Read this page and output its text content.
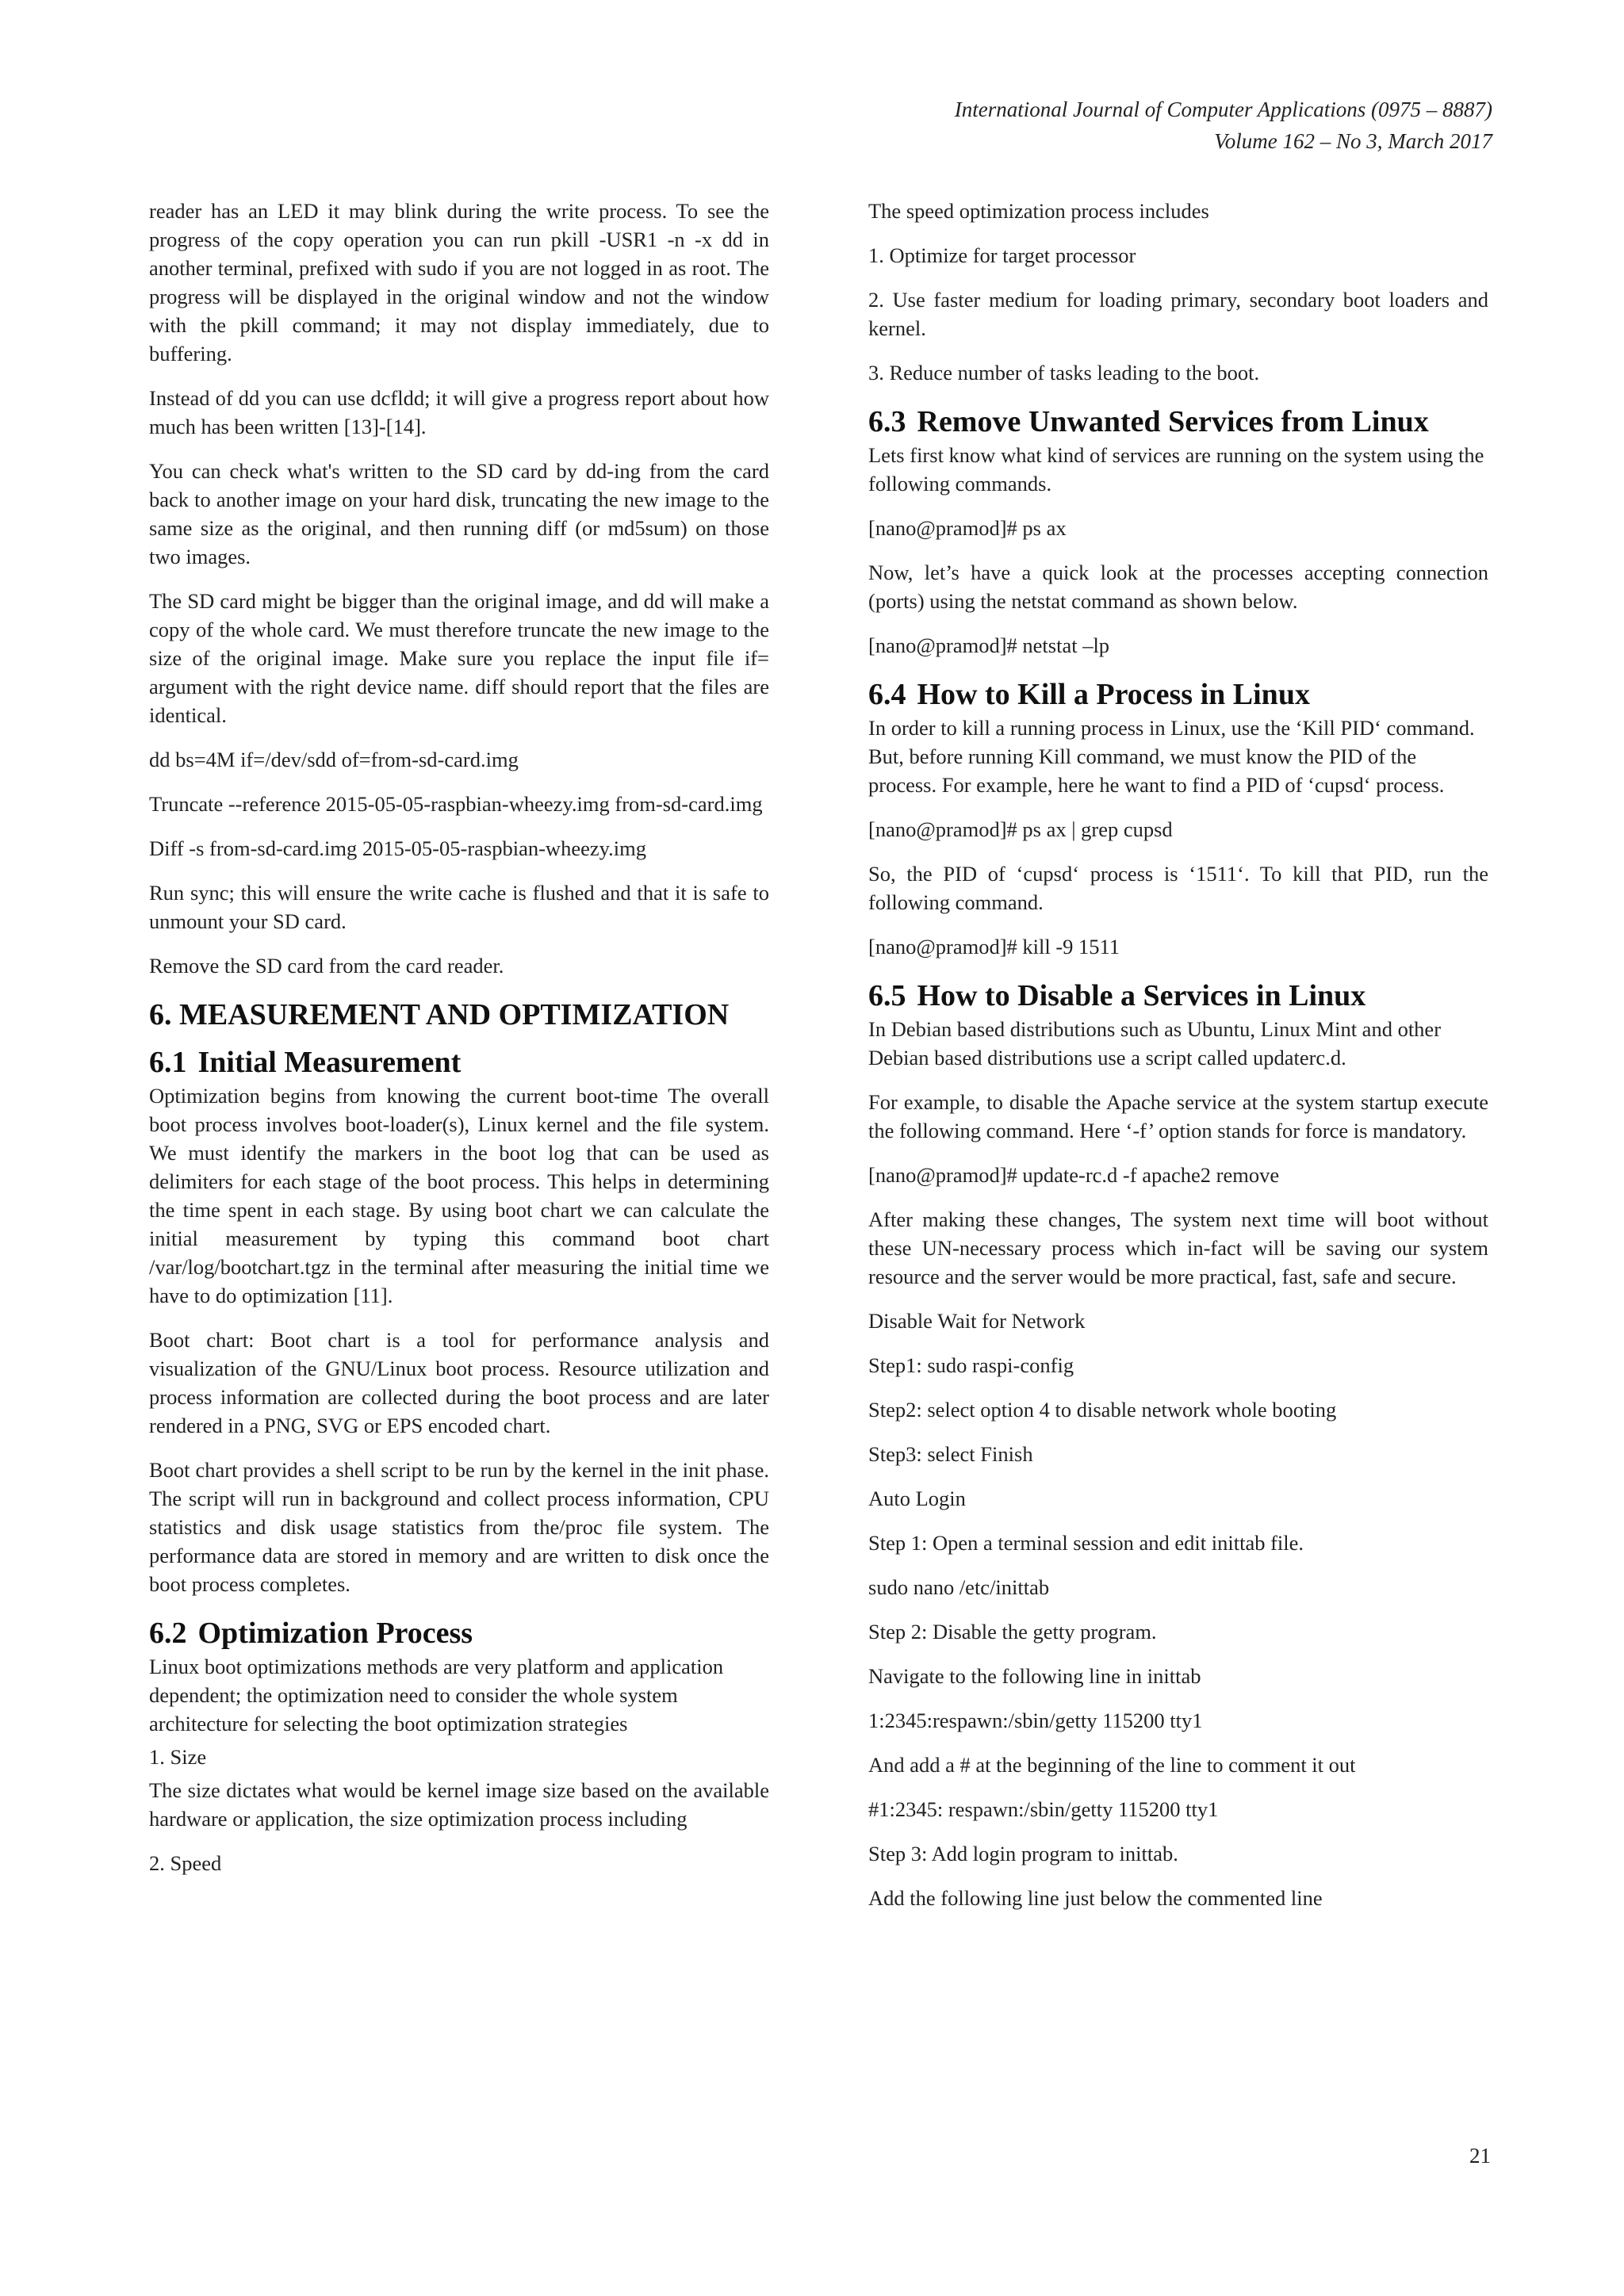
International Journal of Computer Applications (0975 – 8887)
Volume 162 – No 3, March 2017

reader has an LED it may blink during the write process. To see the progress of the copy operation you can run pkill -USR1 -n -x dd in another terminal, prefixed with sudo if you are not logged in as root. The progress will be displayed in the original window and not the window with the pkill command; it may not display immediately, due to buffering.

Instead of dd you can use dcfldd; it will give a progress report about how much has been written [13]-[14].

You can check what's written to the SD card by dd-ing from the card back to another image on your hard disk, truncating the new image to the same size as the original, and then running diff (or md5sum) on those two images.

The SD card might be bigger than the original image, and dd will make a copy of the whole card. We must therefore truncate the new image to the size of the original image. Make sure you replace the input file if= argument with the right device name. diff should report that the files are identical.

dd bs=4M if=/dev/sdd of=from-sd-card.img

Truncate --reference 2015-05-05-raspbian-wheezy.img from-sd-card.img

Diff -s from-sd-card.img 2015-05-05-raspbian-wheezy.img

Run sync; this will ensure the write cache is flushed and that it is safe to unmount your SD card.

Remove the SD card from the card reader.

6. MEASUREMENT AND OPTIMIZATION
6.1 Initial Measurement

Optimization begins from knowing the current boot-time The overall boot process involves boot-loader(s), Linux kernel and the file system. We must identify the markers in the boot log that can be used as delimiters for each stage of the boot process. This helps in determining the time spent in each stage. By using boot chart we can calculate the initial measurement by typing this command boot chart /var/log/bootchart.tgz in the terminal after measuring the initial time we have to do optimization [11].

Boot chart: Boot chart is a tool for performance analysis and visualization of the GNU/Linux boot process. Resource utilization and process information are collected during the boot process and are later rendered in a PNG, SVG or EPS encoded chart.

Boot chart provides a shell script to be run by the kernel in the init phase. The script will run in background and collect process information, CPU statistics and disk usage statistics from the/proc file system. The performance data are stored in memory and are written to disk once the boot process completes.

6.2 Optimization Process

Linux boot optimizations methods are very platform and application dependent; the optimization need to consider the whole system architecture for selecting the boot optimization strategies

1. Size

The size dictates what would be kernel image size based on the available hardware or application, the size optimization process including

2. Speed

The speed optimization process includes

1. Optimize for target processor

2. Use faster medium for loading primary, secondary boot loaders and kernel.

3. Reduce number of tasks leading to the boot.

6.3 Remove Unwanted Services from Linux

Lets first know what kind of services are running on the system using the following commands.

[nano@pramod]# ps ax

Now, let’s have a quick look at the processes accepting connection (ports) using the netstat command as shown below.

[nano@pramod]# netstat –lp

6.4 How to Kill a Process in Linux

In order to kill a running process in Linux, use the ‘Kill PID‘ command. But, before running Kill command, we must know the PID of the process. For example, here he want to find a PID of ‘cupsd‘ process.

[nano@pramod]# ps ax | grep cupsd

So, the PID of ‘cupsd‘ process is ‘1511‘. To kill that PID, run the following command.

[nano@pramod]# kill -9 1511

6.5 How to Disable a Services in Linux

In Debian based distributions such as Ubuntu, Linux Mint and other Debian based distributions use a script called updaterc.d.

For example, to disable the Apache service at the system startup execute the following command. Here ‘-f’ option stands for force is mandatory.

[nano@pramod]# update-rc.d -f apache2 remove

After making these changes, The system next time will boot without these UN-necessary process which in-fact will be saving our system resource and the server would be more practical, fast, safe and secure.

Disable Wait for Network

Step1: sudo raspi-config

Step2: select option 4 to disable network whole booting

Step3: select Finish

Auto Login

Step 1: Open a terminal session and edit inittab file.

sudo nano /etc/inittab

Step 2: Disable the getty program.

Navigate to the following line in inittab

1:2345:respawn:/sbin/getty 115200 tty1

And add a # at the beginning of the line to comment it out

#1:2345: respawn:/sbin/getty 115200 tty1

Step 3: Add login program to inittab.

Add the following line just below the commented line

21
